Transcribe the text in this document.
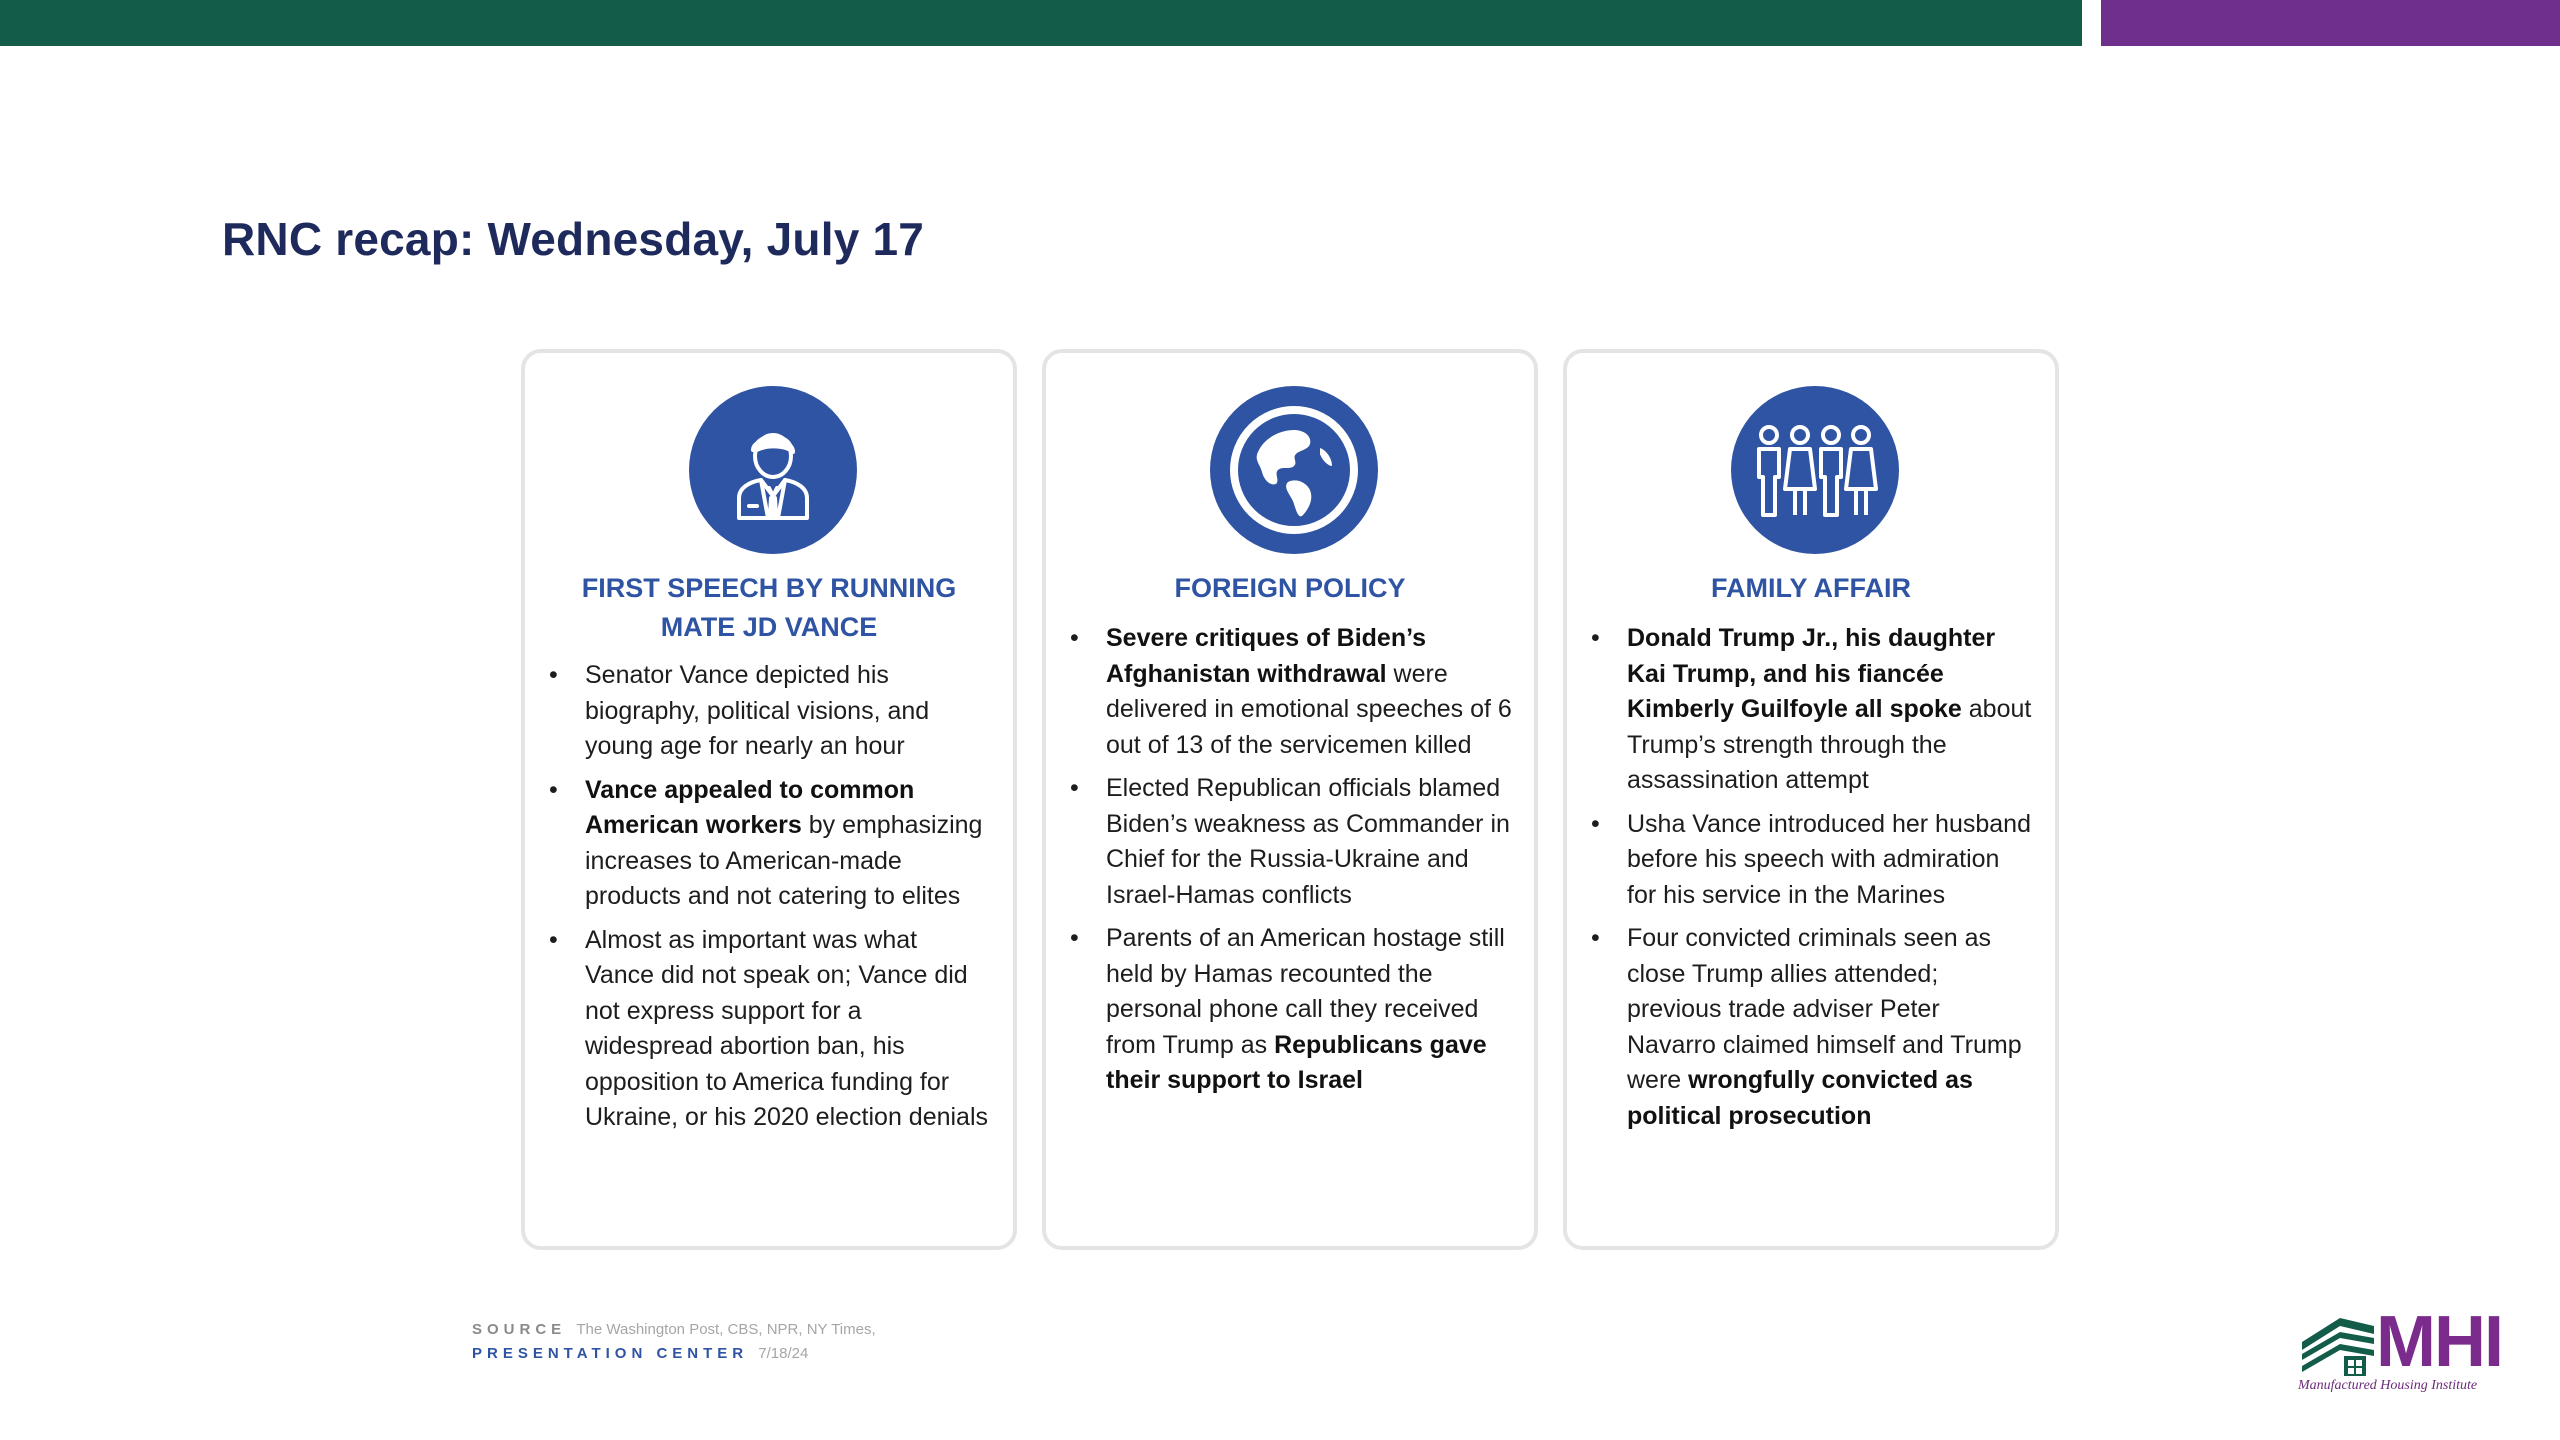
RNC recap: Wednesday, July 17
FIRST SPEECH BY RUNNING MATE JD VANCE
• Senator Vance depicted his biography, political visions, and young age for nearly an hour
• Vance appealed to common American workers by emphasizing increases to American-made products and not catering to elites
• Almost as important was what Vance did not speak on; Vance did not express support for a widespread abortion ban, his opposition to America funding for Ukraine, or his 2020 election denials
FOREIGN POLICY
• Severe critiques of Biden’s Afghanistan withdrawal were delivered in emotional speeches of 6 out of 13 of the servicemen killed
• Elected Republican officials blamed Biden’s weakness as Commander in Chief for the Russia-Ukraine and Israel-Hamas conflicts
• Parents of an American hostage still held by Hamas recounted the personal phone call they received from Trump as Republicans gave their support to Israel
FAMILY AFFAIR
• Donald Trump Jr., his daughter Kai Trump, and his fiancée Kimberly Guilfoyle all spoke about Trump’s strength through the assassination attempt
• Usha Vance introduced her husband before his speech with admiration for his service in the Marines
• Four convicted criminals seen as close Trump allies attended; previous trade adviser Peter Navarro claimed himself and Trump were wrongfully convicted as political prosecution
SOURCE The Washington Post, CBS, NPR, NY Times,
PRESENTATION CENTER 7/18/24	MHI
Manufactured Housing Institute
